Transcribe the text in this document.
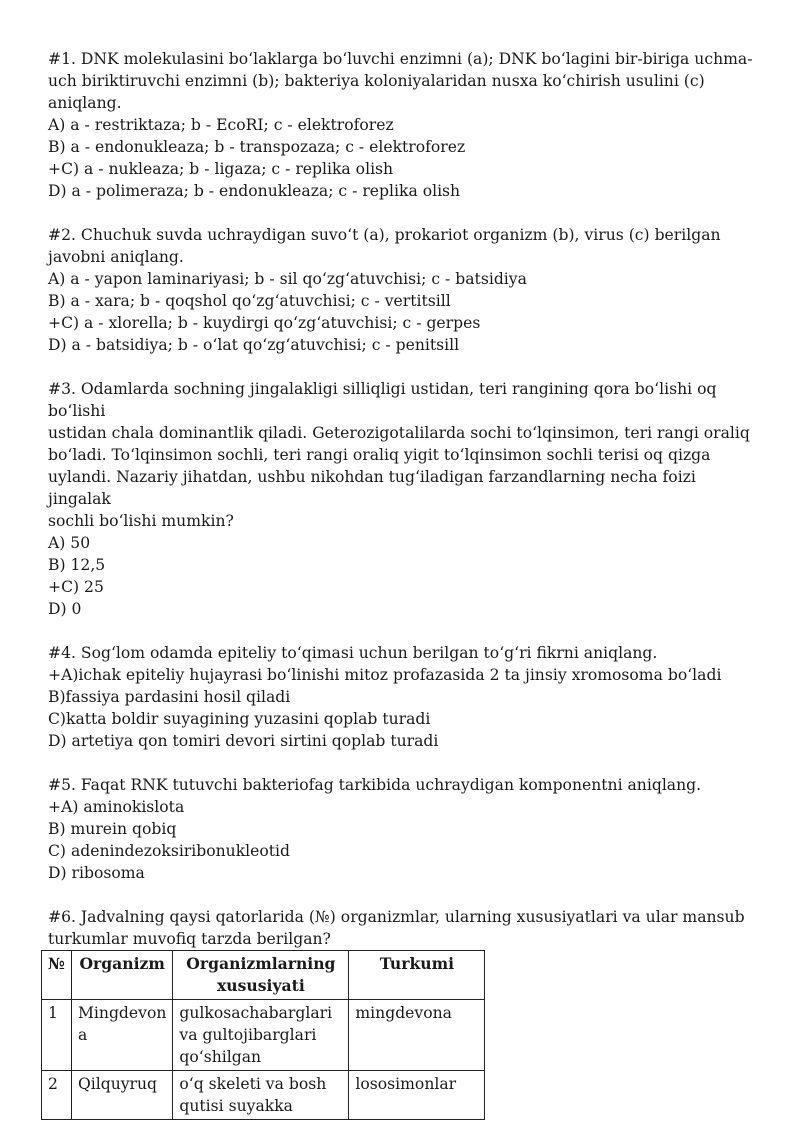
#1. DNK molekulasini bo‘laklarga bo‘luvchi enzimni (a); DNK bo‘lagini bir-biriga uchma-
uch biriktiruvchi enzimni (b); bakteriya koloniyalaridan nusxa ko‘chirish usulini (c)
aniqlang.
A) a - restriktaza; b - EcoRI; c - elektroforez
B) a - endonukleaza; b - transpozaza; c - elektroforez
+C) a - nukleaza; b - ligaza; c - replika olish
D) a - polimeraza; b - endonukleaza; c - replika olish
#2. Chuchuk suvda uchraydigan suvo‘t (a), prokariot organizm (b), virus (c) berilgan
javobni aniqlang.
A) a - yapon laminariyasi; b - sil qo‘zg‘atuvchisi; c - batsidiya
B) a - xara; b - qoqshol qo‘zg‘atuvchisi; c - vertitsill
+C) a - xlorella; b - kuydirgi qo‘zg‘atuvchisi; c - gerpes
D) a - batsidiya; b - o‘lat qo‘zg‘atuvchisi; c - penitsill
#3. Odamlarda sochning jingalakligi silliqligi ustidan, teri rangining qora bo‘lishi oq bo‘lishi
ustidan chala dominantlik qiladi. Geterozigotalilarda sochi to‘lqinsimon, teri rangi oraliq
bo‘ladi. To‘lqinsimon sochli, teri rangi oraliq yigit to‘lqinsimon sochli terisi oq qizga
uylandi. Nazariy jihatdan, ushbu nikohdan tug‘iladigan farzandlarning necha foizi jingalak
sochli bo‘lishi mumkin?
A) 50
B) 12,5
+C) 25
D) 0
#4. Sog‘lom odamda epiteliy to‘qimasi uchun berilgan to‘g‘ri fikrni aniqlang.
+A)ichak epiteliy hujayrasi bo‘linishi mitoz profazasida 2 ta jinsiy xromosoma bo‘ladi
B)fassiya pardasini hosil qiladi
C)katta boldir suyagining yuzasini qoplab turadi
D) artetiya qon tomiri devori sirtini qoplab turadi
#5. Faqat RNK tutuvchi bakteriofag tarkibida uchraydigan komponentni aniqlang.
+A) aminokislota
B) murein qobiq
C) adenindezoksiribonukleotid
D) ribosoma
#6. Jadvalning qaysi qatorlarida (№) organizmlar, ularning xususiyatlari va ular mansub
turkumlar muvofiq tarzda berilgan?
№	Organizm	Organizmlarning xususiyati	Turkumi
1	Mingdevon a	gulkosachabarglari va gultojibarglari qo‘shilgan	mingdevona
2	Qilquyruq	o‘q skeleti va bosh qutisi suyakka	lososimonlar
